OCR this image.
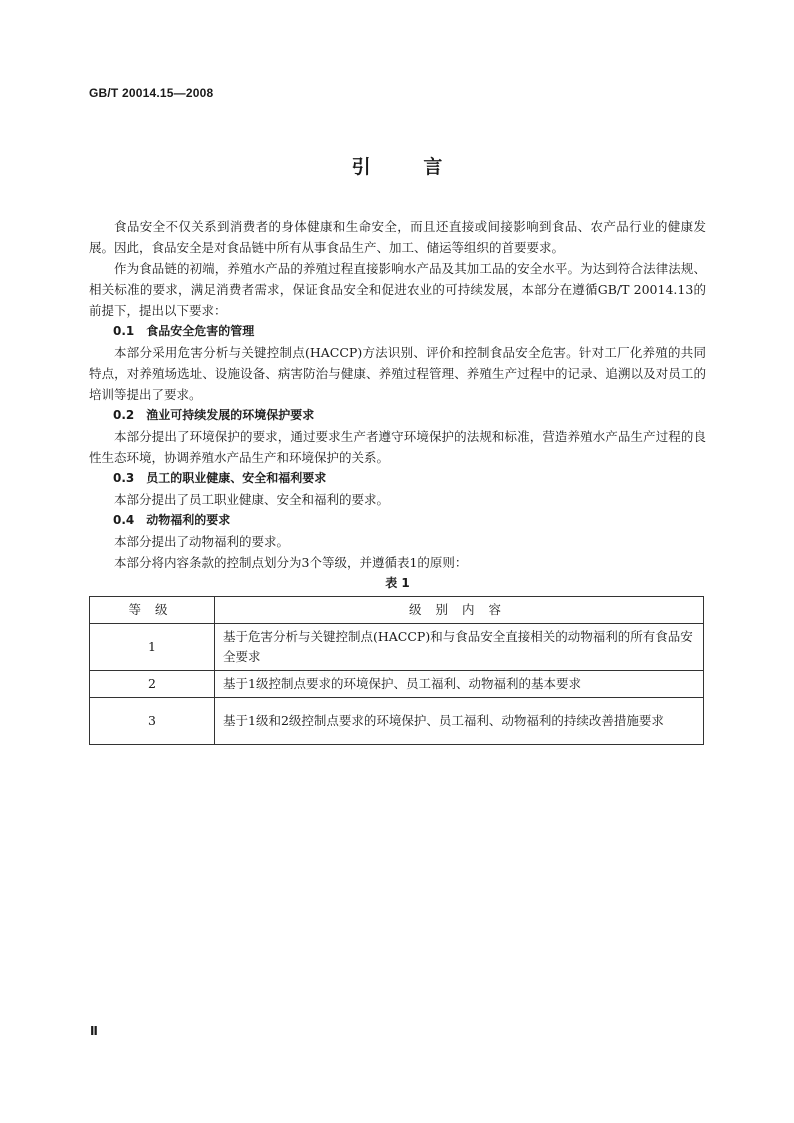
GB/T 20014.15—2008
引	言

食品安全不仅关系到消费者的身体健康和生命安全，而且还直接或间接影响到食品、农产品行业的健康发展。因此，食品安全是对食品链中所有从事食品生产、加工、储运等组织的首要要求。

作为食品链的初端，养殖水产品的养殖过程直接影响水产品及其加工品的安全水平。为达到符合法律法规、相关标准的要求，满足消费者需求，保证食品安全和促进农业的可持续发展，本部分在遵循GB/T 20014.13的前提下，提出以下要求：

0.1 食品安全危害的管理

本部分采用危害分析与关键控制点(HACCP)方法识别、评价和控制食品安全危害。针对工厂化养殖的共同特点，对养殖场选址、设施设备、病害防治与健康、养殖过程管理、养殖生产过程中的记录、追溯以及对员工的培训等提出了要求。

0.2 渔业可持续发展的环境保护要求

本部分提出了环境保护的要求，通过要求生产者遵守环境保护的法规和标准，营造养殖水产品生产过程的良性生态环境，协调养殖水产品生产和环境保护的关系。

0.3 员工的职业健康、安全和福利要求

本部分提出了员工职业健康、安全和福利的要求。

0.4 动物福利的要求

本部分提出了动物福利的要求。

本部分将内容条款的控制点划分为3个等级，并遵循表1的原则：

表 1

等级	级别内容
1	基于危害分析与关键控制点(HACCP)和与食品安全直接相关的动物福利的所有食品安全要求
2	基于1级控制点要求的环境保护、员工福利、动物福利的基本要求
3	基于1级和2级控制点要求的环境保护、员工福利、动物福利的持续改善措施要求
Ⅱ
